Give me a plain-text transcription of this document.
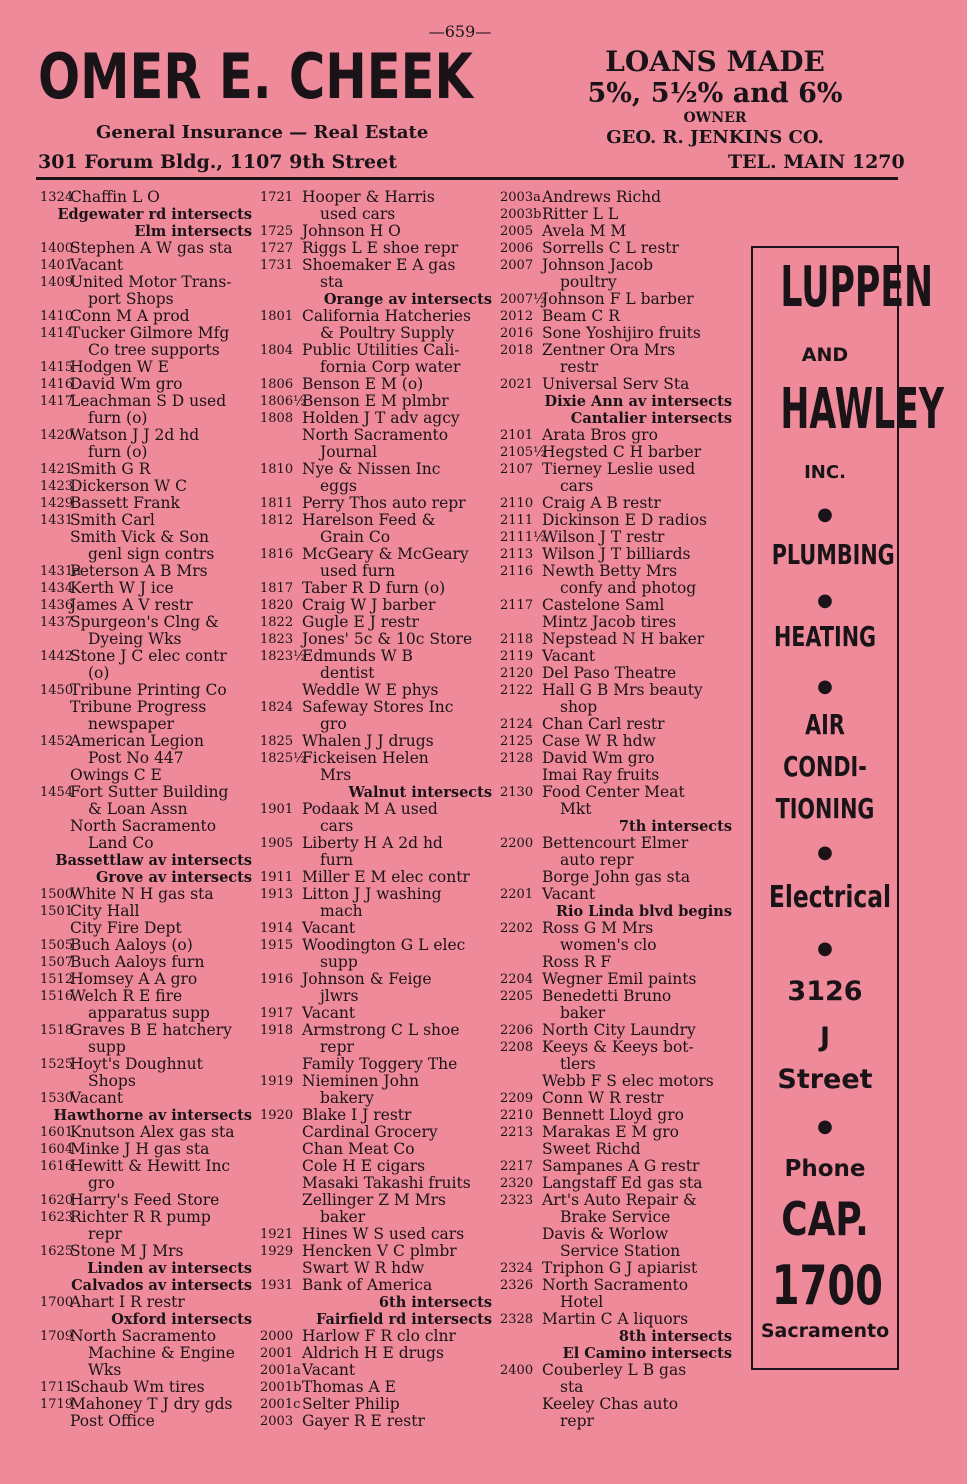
—659—
OMER E. CHEEK
General Insurance — Real Estate
301 Forum Bldg., 1107 9th Street
LOANS MADE
5%, 5½% and 6%
OWNER
GEO. R. JENKINS CO.
TEL. MAIN 1270
1324
Chaffin L O
Edgewater rd intersects
Elm intersects
1400
Stephen A W gas sta
1401
Vacant
1409
United Motor Trans-
port Shops
1410
Conn M A prod
1414
Tucker Gilmore Mfg
Co tree supports
1415
Hodgen W E
1416
David Wm gro
1417
Leachman S D used
furn (o)
1420
Watson J J 2d hd
furn (o)
1421
Smith G R
1423
Dickerson W C
1429
Bassett Frank
1431
Smith Carl
Smith Vick & Son
genl sign contrs
1431a
Peterson A B Mrs
1434
Kerth W J ice
1436
James A V restr
1437
Spurgeon's Clng &
Dyeing Wks
1442
Stone J C elec contr
(o)
1450
Tribune Printing Co
Tribune Progress
newspaper
1452
American Legion
Post No 447
Owings C E
1454
Fort Sutter Building
& Loan Assn
North Sacramento
Land Co
Bassettlaw av intersects
Grove av intersects
1500
White N H gas sta
1501
City Hall
City Fire Dept
1505
Buch Aaloys (o)
1507
Buch Aaloys furn
1512
Homsey A A gro
1516
Welch R E fire
apparatus supp
1518
Graves B E hatchery
supp
1525
Hoyt's Doughnut
Shops
1530
Vacant
Hawthorne av intersects
1601
Knutson Alex gas sta
1604
Minke J H gas sta
1616
Hewitt & Hewitt Inc
gro
1620
Harry's Feed Store
1623
Richter R R pump
repr
1625
Stone M J Mrs
Linden av intersects
Calvados av intersects
1700
Ahart I R restr
Oxford intersects
1709
North Sacramento
Machine & Engine
Wks
1711
Schaub Wm tires
1719
Mahoney T J dry gds
Post Office
1721 Hooper & Harris
used cars
1725 Johnson H O
1727 Riggs L E shoe repr
1731 Shoemaker E A gas
sta
Orange av intersects
1801 California Hatcheries
& Poultry Supply
1804 Public Utilities Cali-
fornia Corp water
1806 Benson E M (o)
1806½
Benson E M plmbr
1808 Holden J T adv agcy
North Sacramento
Journal
1810 Nye & Nissen Inc
eggs
1811 Perry Thos auto repr
1812 Harelson Feed &
Grain Co
1816 McGeary & McGeary
used furn
1817 Taber R D furn (o)
1820 Craig W J barber
1822 Gugle E J restr
1823 Jones' 5c & 10c Store
1823½
Edmunds W B
dentist
Weddle W E phys
1824 Safeway Stores Inc
gro
1825 Whalen J J drugs
1825½
Fickeisen Helen
Mrs
Walnut intersects
1901 Podaak M A used
cars
1905 Liberty H A 2d hd
furn
1911 Miller E M elec contr
1913 Litton J J washing
mach
1914 Vacant
1915 Woodington G L elec
supp
1916 Johnson & Feige
jlwrs
1917 Vacant
1918 Armstrong C L shoe
repr
Family Toggery The
1919 Nieminen John
bakery
1920 Blake I J restr
Cardinal Grocery
Chan Meat Co
Cole H E cigars
Masaki Takashi fruits
Zellinger Z M Mrs
baker
1921 Hines W S used cars
1929 Hencken V C plmbr
Swart W R hdw
1931 Bank of America
6th intersects
Fairfield rd intersects
2000 Harlow F R clo clnr
2001 Aldrich H E drugs
2001a Vacant
2001b Thomas A E
2001c Selter Philip
2003 Gayer R E restr
2003a Andrews Richd
2003b Ritter L L
2005 Avela M M
2006 Sorrells C L restr
2007 Johnson Jacob
poultry
2007½
Johnson F L barber
2012 Beam C R
2016 Sone Yoshijiro fruits
2018 Zentner Ora Mrs
restr
2021 Universal Serv Sta
Dixie Ann av intersects
Cantalier intersects
2101 Arata Bros gro
2105½
Hegsted C H barber
2107 Tierney Leslie used
cars
2110 Craig A B restr
2111 Dickinson E D radios
2111½
Wilson J T restr
2113 Wilson J T billiards
2116 Newth Betty Mrs
confy and photog
2117 Castelone Saml
Mintz Jacob tires
2118 Nepstead N H baker
2119 Vacant
2120 Del Paso Theatre
2122 Hall G B Mrs beauty
shop
2124 Chan Carl restr
2125 Case W R hdw
2128 David Wm gro
Imai Ray fruits
2130 Food Center Meat
Mkt
7th intersects
2200 Bettencourt Elmer
auto repr
Borge John gas sta
2201 Vacant
Rio Linda blvd begins
2202 Ross G M Mrs
women's clo
Ross R F
2204 Wegner Emil paints
2205 Benedetti Bruno
baker
2206 North City Laundry
2208 Keeys & Keeys bot-
tlers
Webb F S elec motors
2209 Conn W R restr
2210 Bennett Lloyd gro
2213 Marakas E M gro
Sweet Richd
2217 Sampanes A G restr
2320 Langstaff Ed gas sta
2323 Art's Auto Repair &
Brake Service
Davis & Worlow
Service Station
2324 Triphon G J apiarist
2326 North Sacramento
Hotel
2328 Martin C A liquors
8th intersects
El Camino intersects
2400 Couberley L B gas
sta
Keeley Chas auto
repr
LUPPEN
AND
HAWLEY
INC.
●
PLUMBING
●
HEATING
●
AIR
CONDI-
TIONING
●
Electrical
●
3126
J
Street
●
Phone
CAP.
1700
Sacramento
